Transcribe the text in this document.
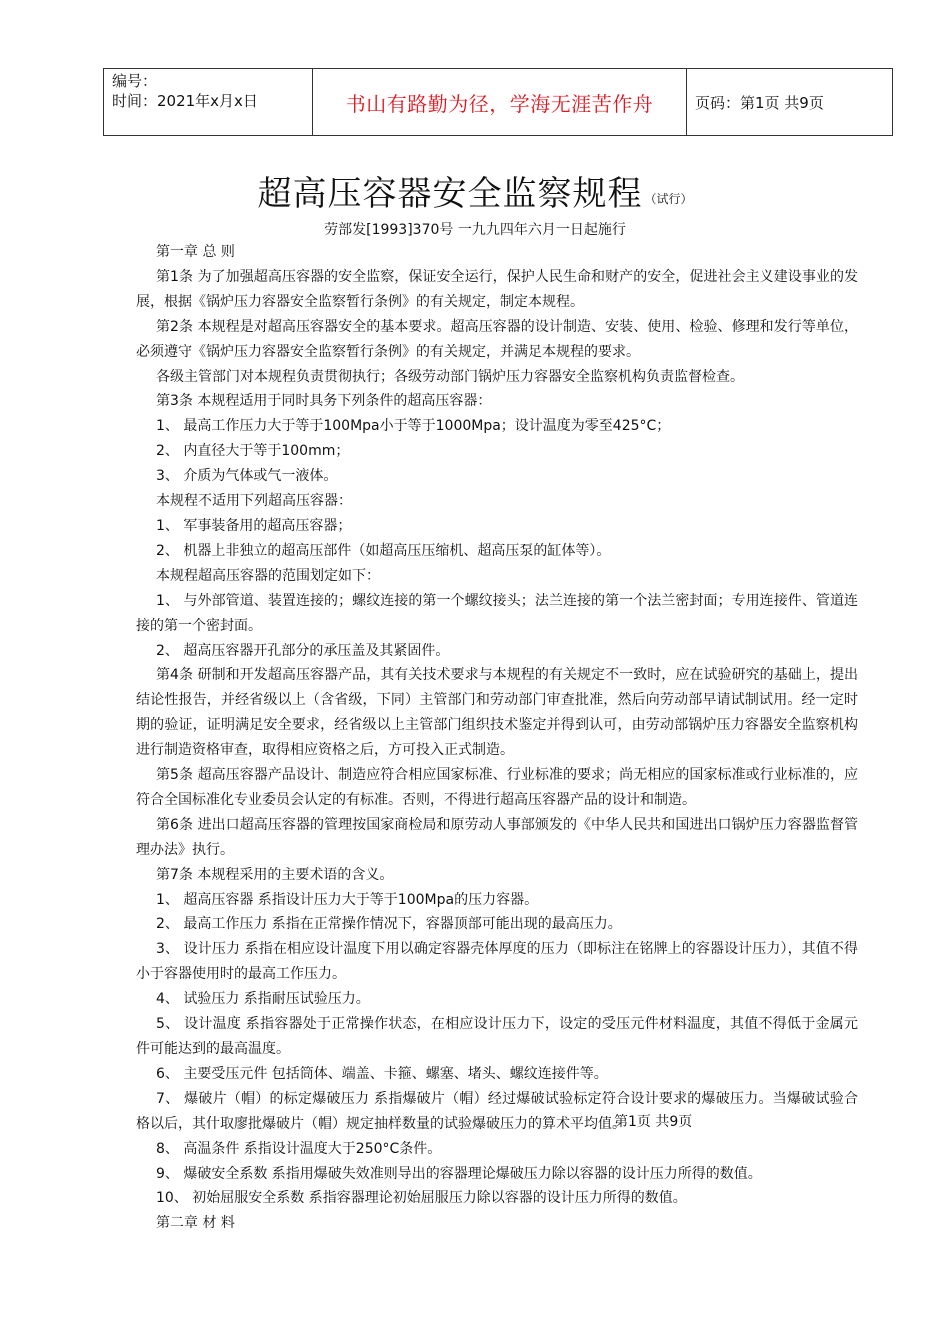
编号：
时间：2021年x月x日	书山有路勤为径，学海无涯苦作舟	页码：第1页 共9页
超高压容器安全监察规程 （试行）
劳部发[1993]370号 一九九四年六月一日起施行

第一章 总 则

第1条 为了加强超高压容器的安全监察，保证安全运行，保护人民生命和财产的安全，促进社会主义建设事业的发展，根据《锅炉压力容器安全监察暂行条例》的有关规定，制定本规程。

第2条 本规程是对超高压容器安全的基本要求。超高压容器的设计制造、安装、使用、检验、修理和发行等单位，必须遵守《锅炉压力容器安全监察暂行条例》的有关规定，并满足本规程的要求。

各级主管部门对本规程负责贯彻执行；各级劳动部门锅炉压力容器安全监察机构负责监督检查。

第3条 本规程适用于同时具务下列条件的超高压容器：

1、 最高工作压力大于等于100Mpa小于等于1000Mpa；设计温度为零至425°C；

2、 内直径大于等于100mm；

3、 介质为气体或气一液体。

本规程不适用下列超高压容器：

1、 军事装备用的超高压容器；

2、 机器上非独立的超高压部件（如超高压压缩机、超高压泵的缸体等）。

本规程超高压容器的范围划定如下：

1、 与外部管道、装置连接的；螺纹连接的第一个螺纹接头；法兰连接的第一个法兰密封面；专用连接件、管道连接的第一个密封面。

2、 超高压容器开孔部分的承压盖及其紧固件。

第4条 研制和开发超高压容器产品，其有关技术要求与本规程的有关规定不一致时，应在试验研究的基础上，提出结论性报告，并经省级以上（含省级，下同）主管部门和劳动部门审查批准，然后向劳动部早请试制试用。经一定时期的验证，证明满足安全要求，经省级以上主管部门组织技术鉴定并得到认可，由劳动部锅炉压力容器安全监察机构进行制造资格审查，取得相应资格之后，方可投入正式制造。

第5条 超高压容器产品设计、制造应符合相应国家标准、行业标准的要求；尚无相应的国家标准或行业标准的，应符合全国标准化专业委员会认定的有标准。否则，不得进行超高压容器产品的设计和制造。

第6条 进出口超高压容器的管理按国家商检局和原劳动人事部颁发的《中华人民共和国进出口锅炉压力容器监督管理办法》执行。

第7条 本规程采用的主要术语的含义。

1、 超高压容器 系指设计压力大于等于100Mpa的压力容器。

2、 最高工作压力 系指在正常操作情况下，容器顶部可能出现的最高压力。

3、 设计压力 系指在相应设计温度下用以确定容器壳体厚度的压力（即标注在铭牌上的容器设计压力），其值不得小于容器使用时的最高工作压力。

4、 试验压力 系指耐压试验压力。

5、 设计温度 系指容器处于正常操作状态，在相应设计压力下，设定的受压元件材料温度，其值不得低于金属元件可能达到的最高温度。

6、 主要受压元件 包括筒体、端盖、卡箍、螺塞、堵头、螺纹连接件等。

7、 爆破片（帽）的标定爆破压力 系指爆破片（帽）经过爆破试验标定符合设计要求的爆破压力。当爆破试验合格以后，其什取廖批爆破片（帽）规定抽样数量的试验爆破压力的算术平均值。

8、 高温条件 系指设计温度大于250°C条件。

9、 爆破安全系数 系指用爆破失效准则导出的容器理论爆破压力除以容器的设计压力所得的数值。

10、 初始屈服安全系数 系指容器理论初始屈服压力除以容器的设计压力所得的数值。

第二章 材 料

第1页 共9页
